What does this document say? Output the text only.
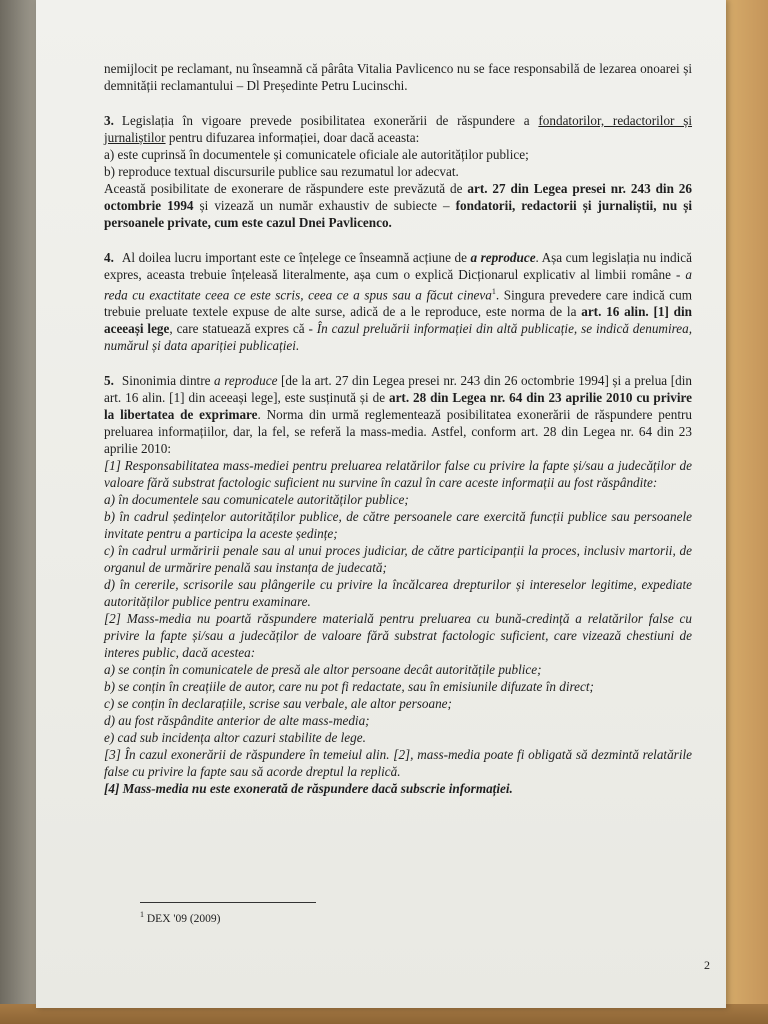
nemijlocit pe reclamant, nu înseamnă că pârâta Vitalia Pavlicenco nu se face responsabilă de lezarea onoarei și demnității reclamantului – Dl Președinte Petru Lucinschi.

3. Legislația în vigoare prevede posibilitatea exonerării de răspundere a fondatorilor, redactorilor și jurnaliștilor pentru difuzarea informației, doar dacă aceasta:

a) este cuprinsă în documentele și comunicatele oficiale ale autorităților publice;

b) reproduce textual discursurile publice sau rezumatul lor adecvat.

Această posibilitate de exonerare de răspundere este prevăzută de art. 27 din Legea presei nr. 243 din 26 octombrie 1994 și vizează un număr exhaustiv de subiecte – fondatorii, redactorii și jurnaliștii, nu și persoanele private, cum este cazul Dnei Pavlicenco.

4. Al doilea lucru important este ce înțelege ce înseamnă acțiune de a reproduce. Așa cum legislația nu indică expres, aceasta trebuie înțeleasă literalmente, așa cum o explică Dicționarul explicativ al limbii române - a reda cu exactitate ceea ce este scris, ceea ce a spus sau a făcut cineva$^1$. Singura prevedere care indică cum trebuie preluate textele expuse de alte surse, adică de a le reproduce, este norma de la art. 16 alin. [1] din aceeași lege, care statuează expres că - În cazul preluării informației din altă publicație, se indică denumirea, numărul și data apariției publicației.

5. Sinonimia dintre a reproduce [de la art. 27 din Legea presei nr. 243 din 26 octombrie 1994] și a prelua [din art. 16 alin. [1] din aceeași lege], este susținută și de art. 28 din Legea nr. 64 din 23 aprilie 2010 cu privire la libertatea de exprimare. Norma din urmă reglementează posibilitatea exonerării de răspundere pentru preluarea informațiilor, dar, la fel, se referă la mass-media. Astfel, conform art. 28 din Legea nr. 64 din 23 aprilie 2010:

[1] Responsabilitatea mass-mediei pentru preluarea relatărilor false cu privire la fapte și/sau a judecăților de valoare fără substrat factologic suficient nu survine în cazul în care aceste informații au fost răspândite:

a) în documentele sau comunicatele autorităților publice;

b) în cadrul ședințelor autorităților publice, de către persoanele care exercită funcții publice sau persoanele invitate pentru a participa la aceste ședințe;

c) în cadrul urmăririi penale sau al unui proces judiciar, de către participanții la proces, inclusiv martorii, de organul de urmărire penală sau instanța de judecată;

d) în cererile, scrisorile sau plângerile cu privire la încălcarea drepturilor și intereselor legitime, expediate autorităților publice pentru examinare.

[2] Mass-media nu poartă răspundere materială pentru preluarea cu bună-credință a relatărilor false cu privire la fapte și/sau a judecăților de valoare fără substrat factologic suficient, care vizează chestiuni de interes public, dacă acestea:

a) se conțin în comunicatele de presă ale altor persoane decât autoritățile publice;

b) se conțin în creațiile de autor, care nu pot fi redactate, sau în emisiunile difuzate în direct;

c) se conțin în declarațiile, scrise sau verbale, ale altor persoane;

d) au fost răspândite anterior de alte mass-media;

e) cad sub incidența altor cazuri stabilite de lege.

[3] În cazul exonerării de răspundere în temeiul alin. [2], mass-media poate fi obligată să dezmintă relatările false cu privire la fapte sau să acorde dreptul la replică.

[4] Mass-media nu este exonerată de răspundere dacă subscrie informației.

$^1$ DEX '09 (2009)
2
